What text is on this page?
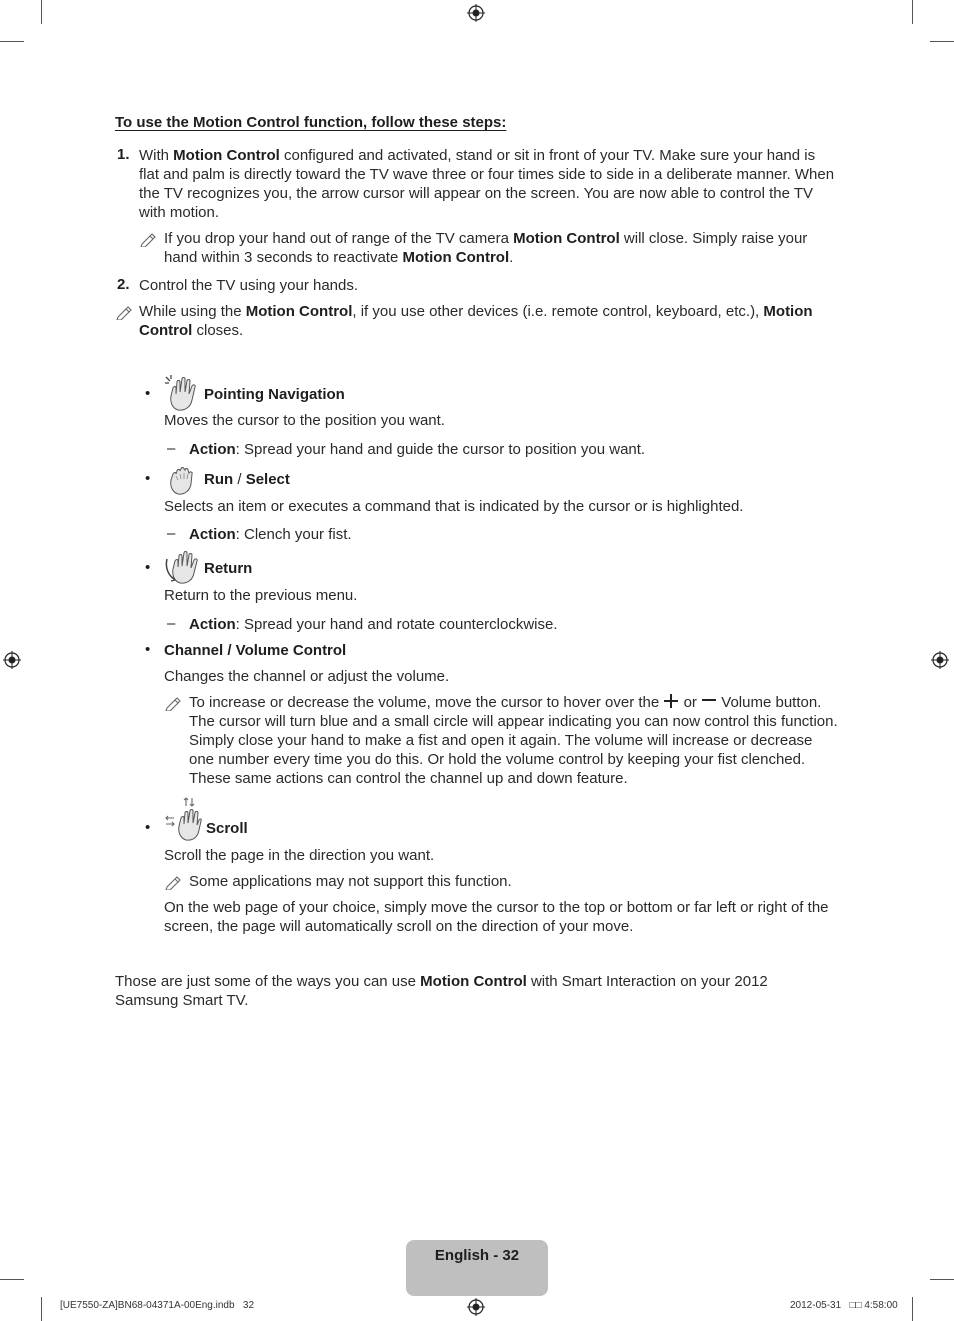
To use the Motion Control function, follow these steps:
1. With Motion Control configured and activated, stand or sit in front of your TV. Make sure your hand is flat and palm is directly toward the TV wave three or four times side to side in a deliberate manner. When the TV recognizes you, the arrow cursor will appear on the screen. You are now able to control the TV with motion.
If you drop your hand out of range of the TV camera Motion Control will close. Simply raise your hand within 3 seconds to reactivate Motion Control.
2. Control the TV using your hands.
While using the Motion Control, if you use other devices (i.e. remote control, keyboard, etc.), Motion Control closes.
•	Pointing Navigation
Moves the cursor to the position you want.
– Action: Spread your hand and guide the cursor to position you want.
•	Run / Select
Selects an item or executes a command that is indicated by the cursor or is highlighted.
– Action: Clench your fist.
•	Return
Return to the previous menu.
– Action: Spread your hand and rotate counterclockwise.
• Channel / Volume Control
Changes the channel or adjust the volume.
To increase or decrease the volume, move the cursor to hover over the or Volume button. The cursor will turn blue and a small circle will appear indicating you can now control this function. Simply close your hand to make a fist and open it again. The volume will increase or decrease one number every time you do this. Or hold the volume control by keeping your fist clenched. These same actions can control the channel up and down feature.
•	Scroll
Scroll the page in the direction you want.
Some applications may not support this function.
On the web page of your choice, simply move the cursor to the top or bottom or far left or right of the screen, the page will automatically scroll on the direction of your move.
Those are just some of the ways you can use Motion Control with Smart Interaction on your 2012 Samsung Smart TV.
English - 32
[UE7550-ZA]BN68-04371A-00Eng.indb   32	2012-05-31   □□ 4:58:00
